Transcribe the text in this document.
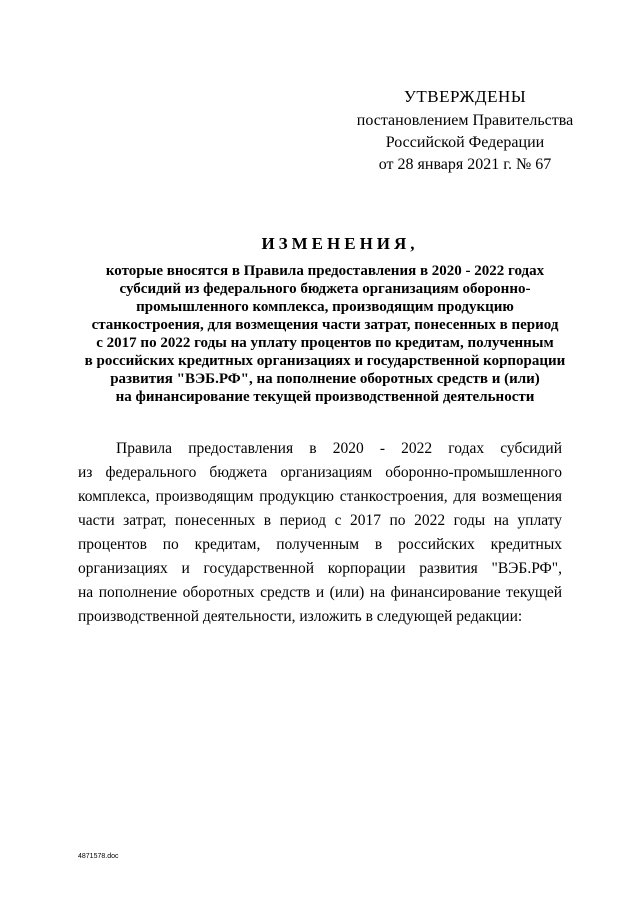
УТВЕРЖДЕНЫ
постановлением Правительства
Российской Федерации
от 28 января 2021 г. № 67
ИЗМЕНЕНИЯ,
которые вносятся в Правила предоставления в 2020 - 2022 годах
субсидий из федерального бюджета организациям оборонно-
промышленного комплекса, производящим продукцию
станкостроения, для возмещения части затрат, понесенных в период
с 2017 по 2022 годы на уплату процентов по кредитам, полученным
в российских кредитных организациях и государственной корпорации
развития "ВЭБ.РФ", на пополнение оборотных средств и (или)
на финансирование текущей производственной деятельности
Правила предоставления в 2020 - 2022 годах субсидий
из федерального бюджета организациям оборонно-промышленного
комплекса, производящим продукцию станкостроения, для возмещения
части затрат, понесенных в период с 2017 по 2022 годы на уплату
процентов по кредитам, полученным в российских кредитных
организациях и государственной корпорации развития "ВЭБ.РФ",
на пополнение оборотных средств и (или) на финансирование текущей
производственной деятельности, изложить в следующей редакции:
4871578.doc
